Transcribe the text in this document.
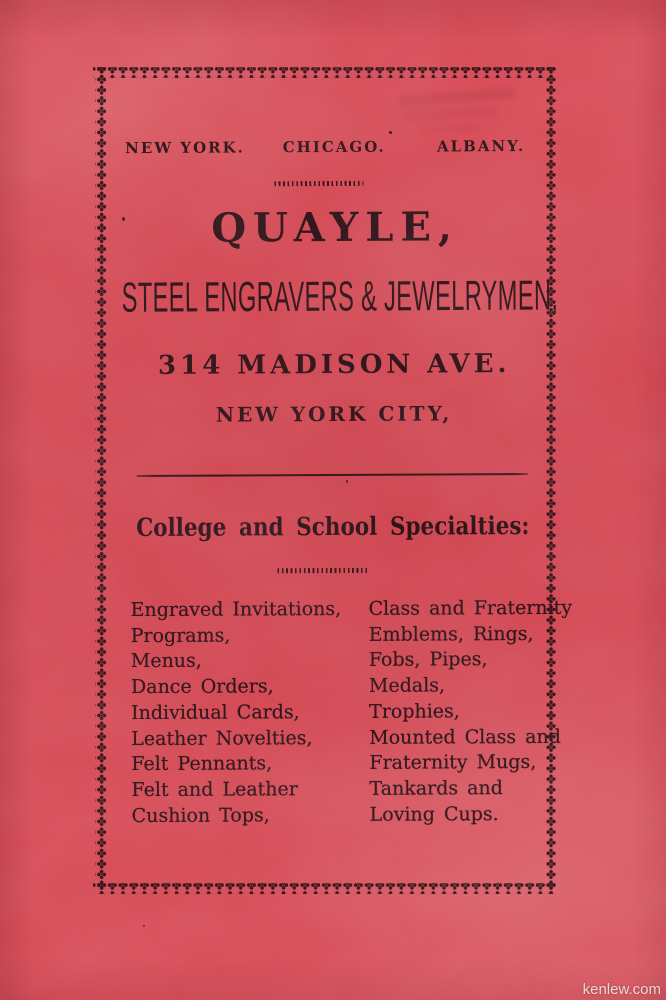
NEW YORK.	CHICAGO.	ALBANY.
QUAYLE,
STEEL ENGRAVERS & JEWELRYMEN,
314 MADISON AVE.
NEW YORK CITY,
College and School Specialties:
Engraved Invitations,
Programs,
Menus,
Dance Orders,
Individual Cards,
Leather Novelties,
Felt Pennants,
Felt and Leather
Cushion Tops,
Class and Fraternity
Emblems, Rings,
Fobs, Pipes,
Medals,
Trophies,
Mounted Class and
Fraternity Mugs,
Tankards and
Loving Cups.
kenlew.com
